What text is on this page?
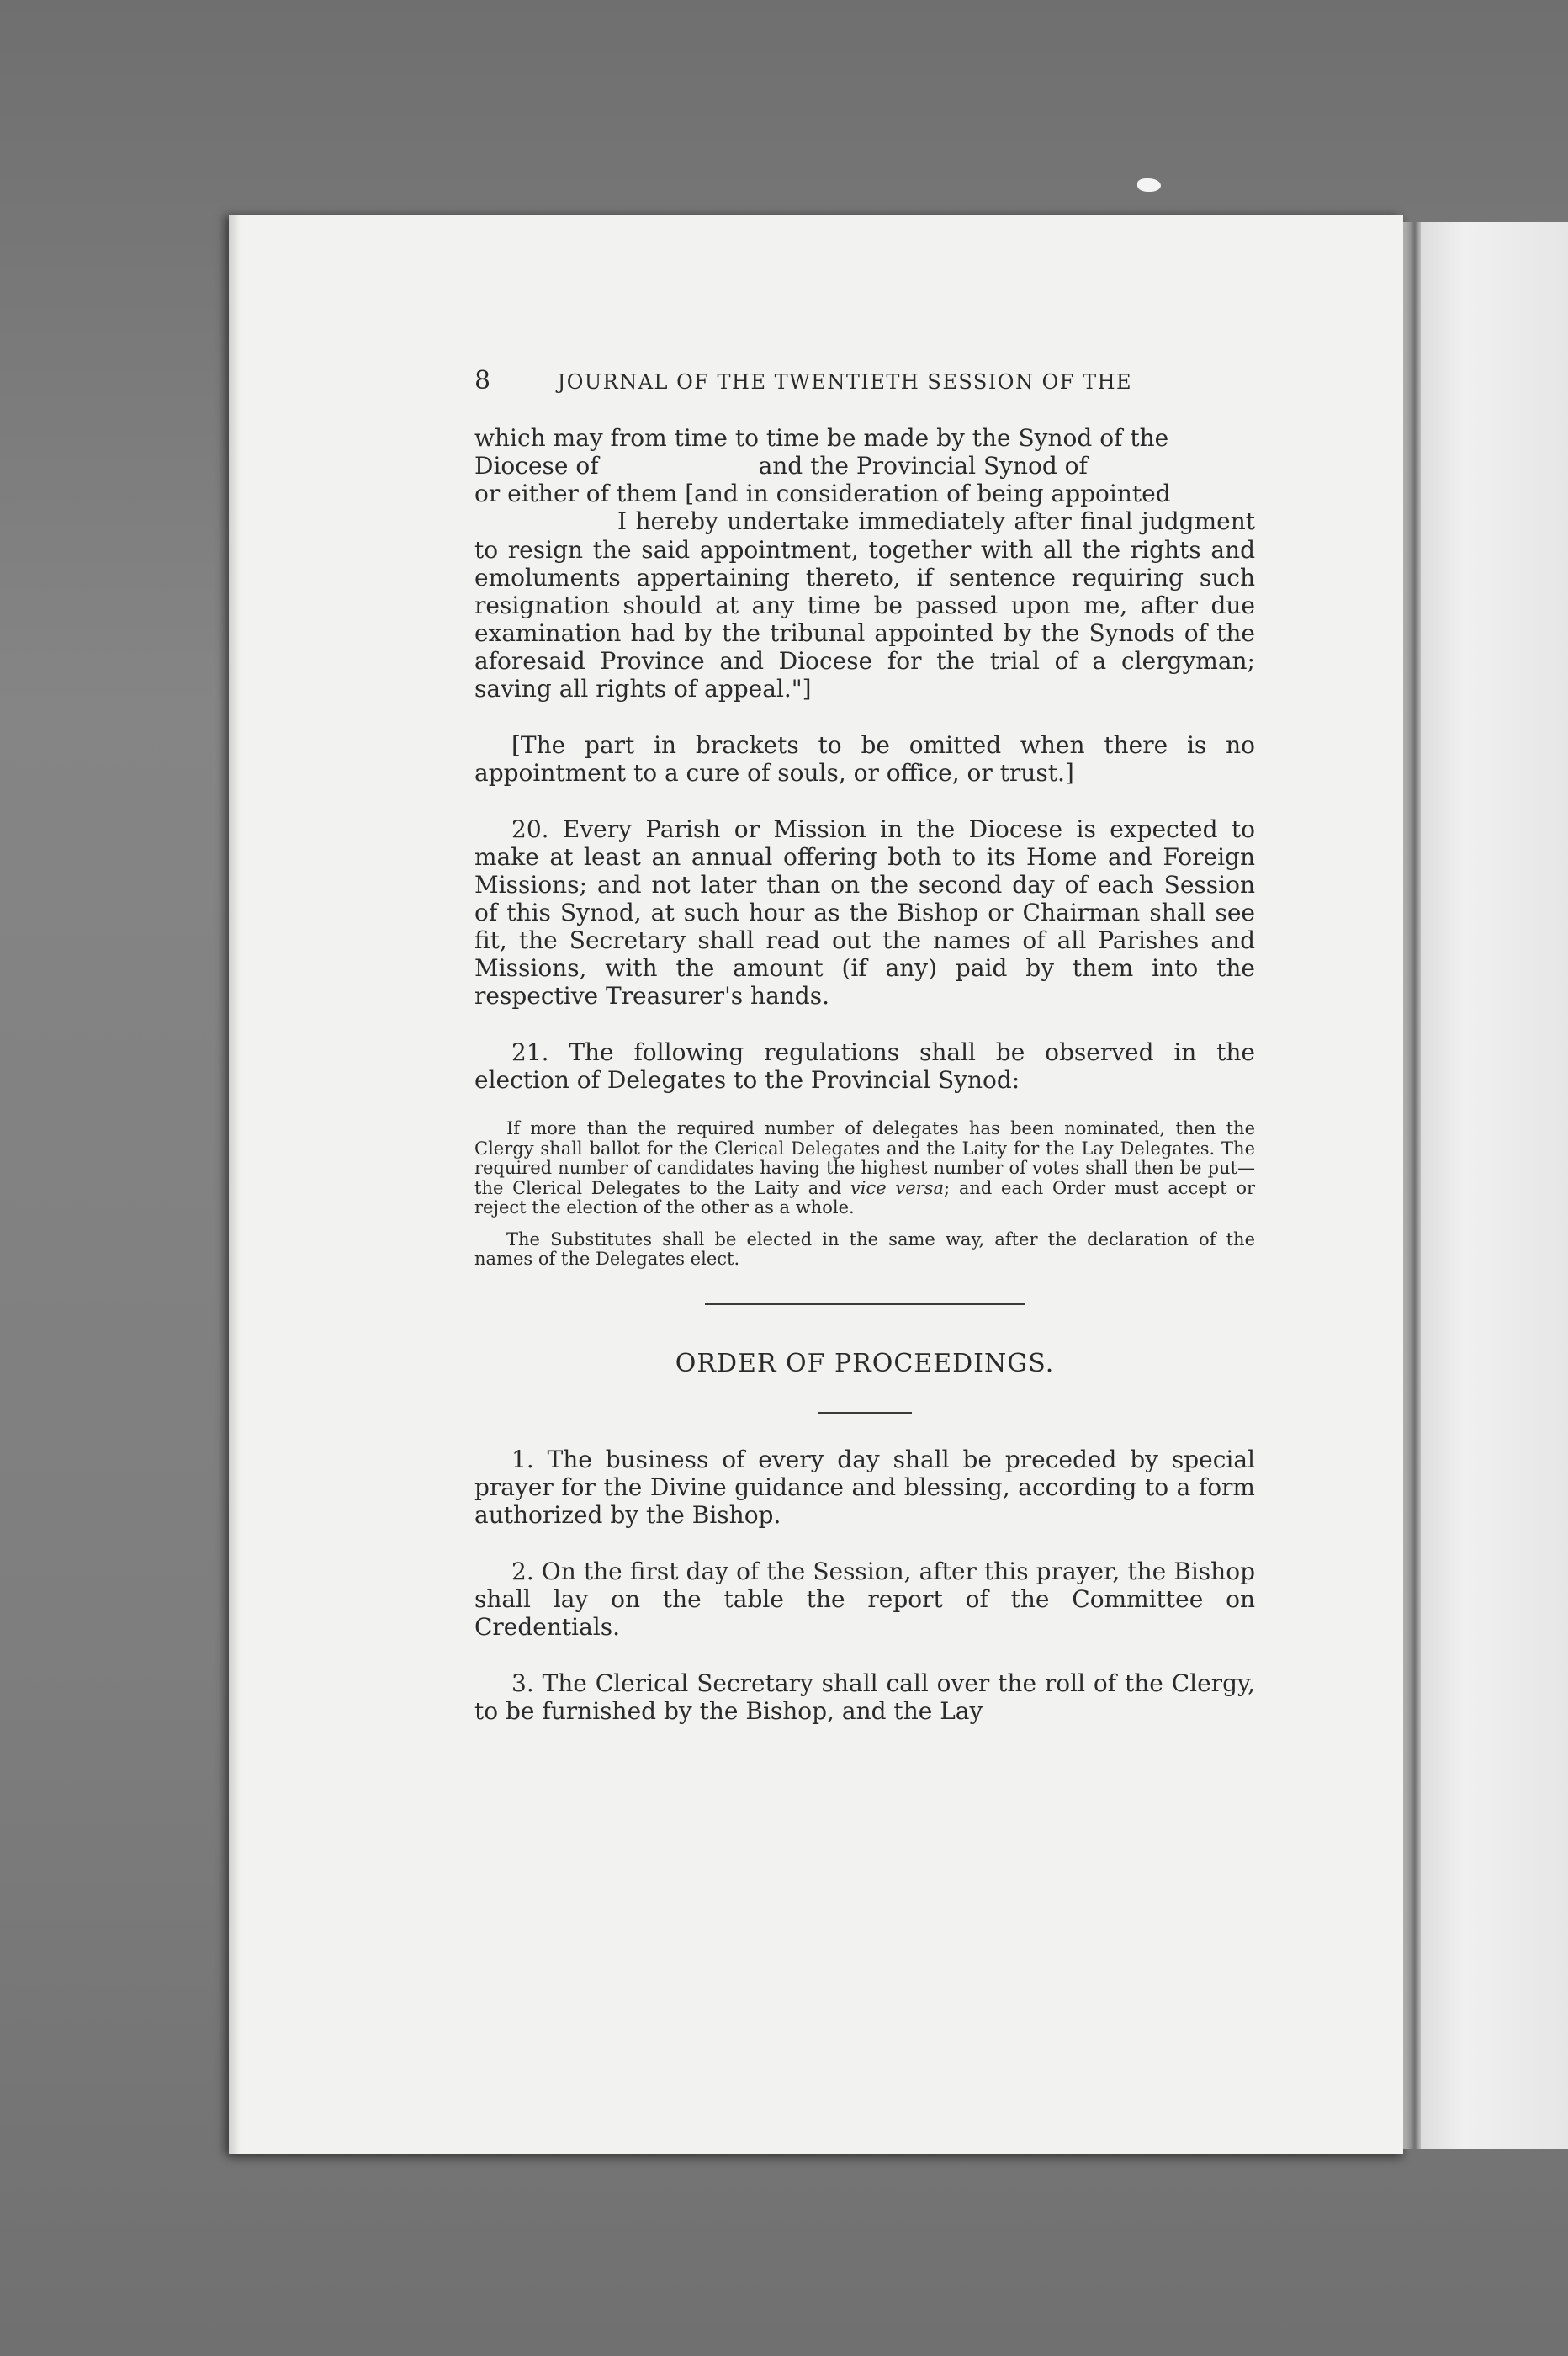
8	JOURNAL OF THE TWENTIETH SESSION OF THE

which may from time to time be made by the Synod of the
Diocese of	and the Provincial Synod of
or either of them [and in consideration of being appointed
I hereby undertake immediately after final judgment to resign the said appointment, together with all the rights and emoluments appertaining thereto, if sentence requiring such resignation should at any time be passed upon me, after due examination had by the tribunal appointed by the Synods of the aforesaid Province and Diocese for the trial of a clergyman; saving all rights of appeal."]

[The part in brackets to be omitted when there is no appointment to a cure of souls, or office, or trust.]

20. Every Parish or Mission in the Diocese is expected to make at least an annual offering both to its Home and Foreign Missions; and not later than on the second day of each Session of this Synod, at such hour as the Bishop or Chairman shall see fit, the Secretary shall read out the names of all Parishes and Missions, with the amount (if any) paid by them into the respective Treasurer's hands.

21. The following regulations shall be observed in the election of Delegates to the Provincial Synod:

If more than the required number of delegates has been nominated, then the Clergy shall ballot for the Clerical Delegates and the Laity for the Lay Delegates. The required number of candidates having the highest number of votes shall then be put—the Clerical Delegates to the Laity and vice versa; and each Order must accept or reject the election of the other as a whole.

The Substitutes shall be elected in the same way, after the declaration of the names of the Delegates elect.

ORDER OF PROCEEDINGS.

1. The business of every day shall be preceded by special prayer for the Divine guidance and blessing, according to a form authorized by the Bishop.

2. On the first day of the Session, after this prayer, the Bishop shall lay on the table the report of the Committee on Credentials.

3. The Clerical Secretary shall call over the roll of the Clergy, to be furnished by the Bishop, and the Lay
